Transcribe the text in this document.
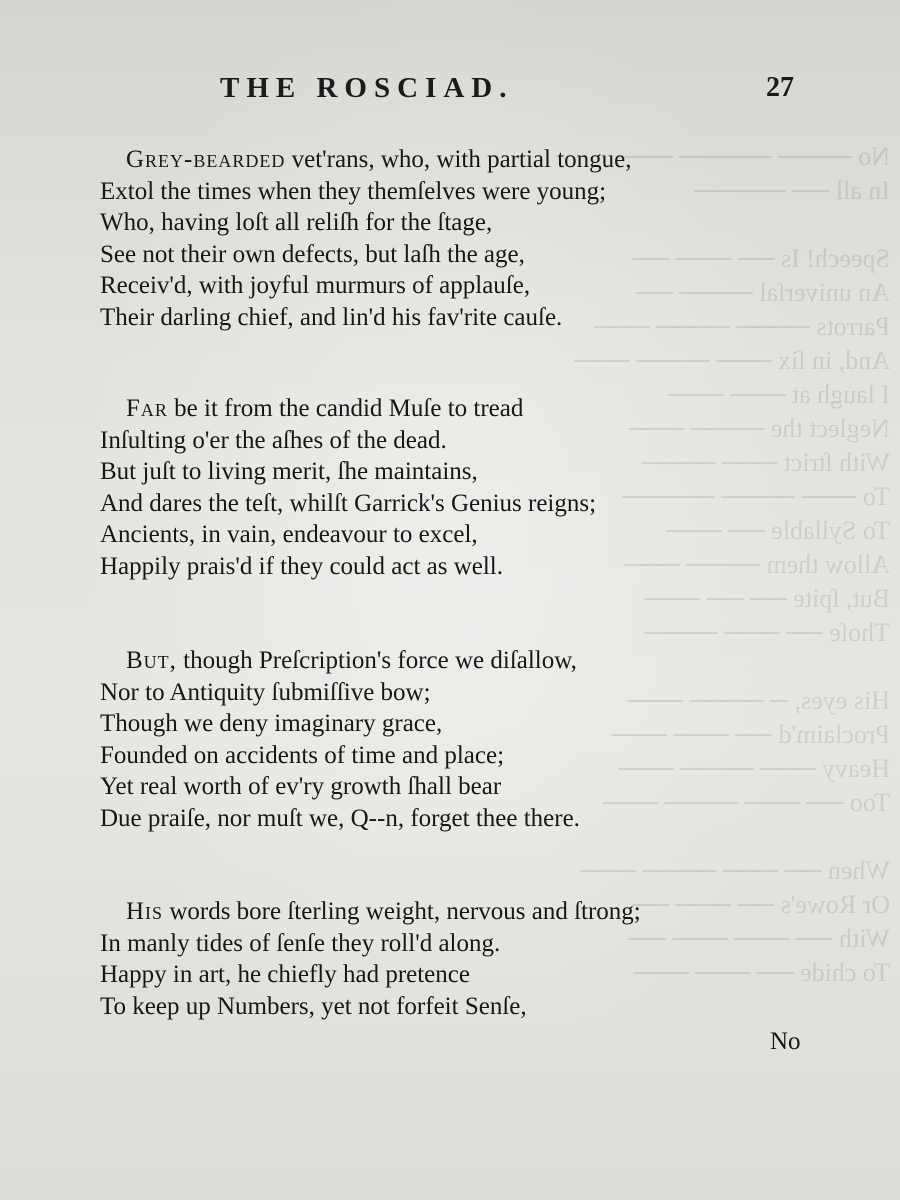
No ──── ───── ───
In all ── ─────

Speech! Is ── ─── ──
An univerſal ──── ──
Parrots ──── ──── ───
And, in ſix ─── ──── ───
I laugh at ─── ───
Neglect the ──── ───
With ſtrict ─── ────
To ─── ──── ─────
To Syllable ── ───
Allow them ──── ───
But, ſpite ── ── ───
Thoſe ── ─── ────

His eyes, ─ ──── ───
Proclaim'd ── ─── ───
Heavy ─── ──── ───
Too ── ─── ──── ───

When ── ─── ──── ───
Or Rowe's ── ─── ──
With ── ─── ─── ──
To chide ── ─── ───
THE ROSCIAD.	27
Grey-bearded vet'rans, who, with partial tongue,
Extol the times when they themſelves were young;
Who, having loſt all reliſh for the ſtage,
See not their own defects, but laſh the age,
Receiv'd, with joyful murmurs of applauſe,
Their darling chief, and lin'd his fav'rite cauſe.
Far be it from the candid Muſe to tread
Inſulting o'er the aſhes of the dead.
But juſt to living merit, ſhe maintains,
And dares the teſt, whilſt Garrick's Genius reigns;
Ancients, in vain, endeavour to excel,
Happily prais'd if they could act as well.
But, though Preſcription's force we diſallow,
Nor to Antiquity ſubmiſſive bow;
Though we deny imaginary grace,
Founded on accidents of time and place;
Yet real worth of ev'ry growth ſhall bear
Due praiſe, nor muſt we, Q--n, forget thee there.
His words bore ſterling weight, nervous and ſtrong;
In manly tides of ſenſe they roll'd along.
Happy in art, he chiefly had pretence
To keep up Numbers, yet not forfeit Senſe,
No
